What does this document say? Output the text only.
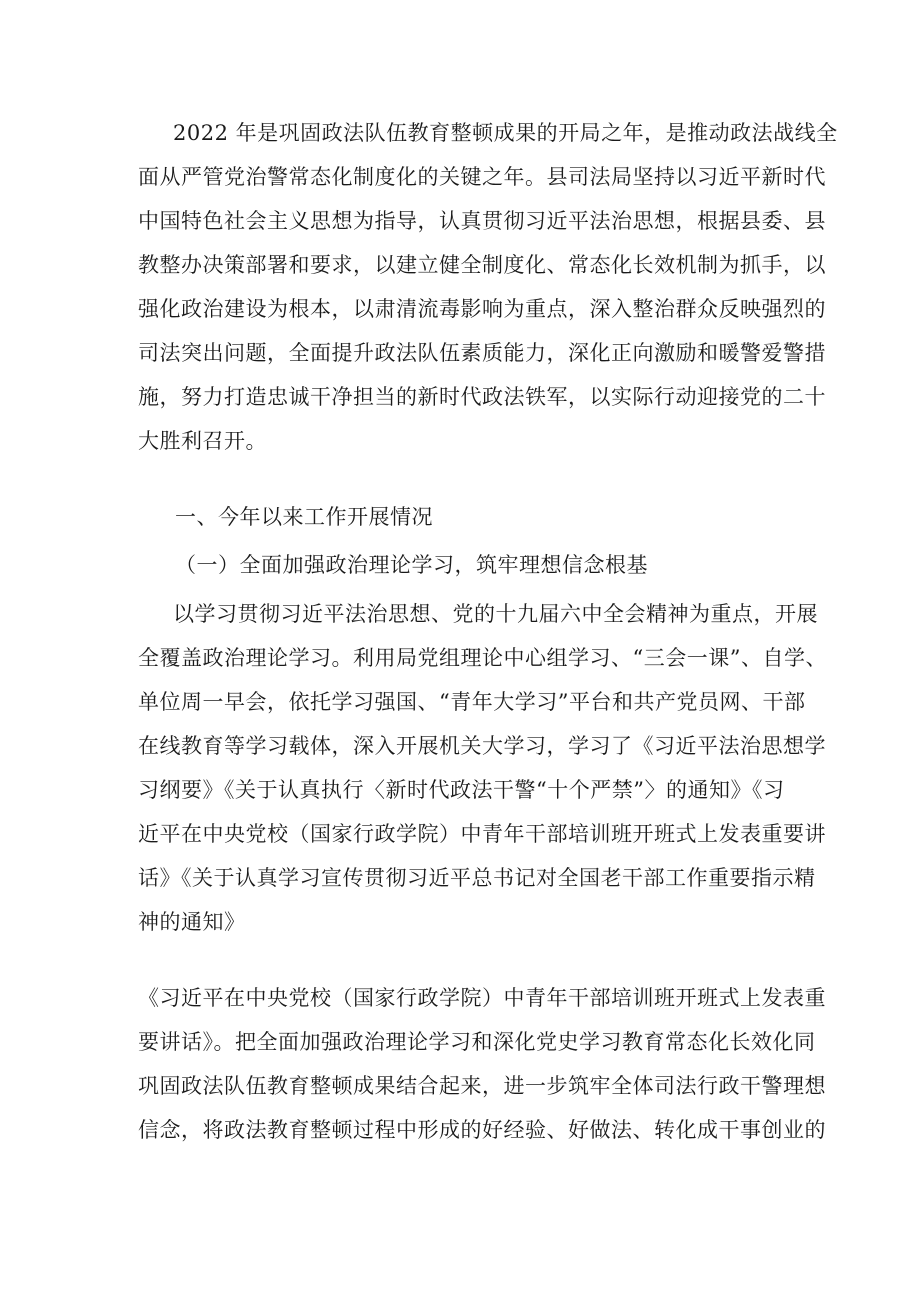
2022 年是巩固政法队伍教育整顿成果的开局之年，是推动政法战线全
面从严管党治警常态化制度化的关键之年。县司法局坚持以习近平新时代
中国特色社会主义思想为指导，认真贯彻习近平法治思想，根据县委、县
教整办决策部署和要求，以建立健全制度化、常态化长效机制为抓手，以
强化政治建设为根本，以肃清流毒影响为重点，深入整治群众反映强烈的
司法突出问题，全面提升政法队伍素质能力，深化正向激励和暖警爱警措
施，努力打造忠诚干净担当的新时代政法铁军，以实际行动迎接党的二十
大胜利召开。
一、今年以来工作开展情况
（一）全面加强政治理论学习，筑牢理想信念根基
以学习贯彻习近平法治思想、党的十九届六中全会精神为重点，开展
全覆盖政治理论学习。利用局党组理论中心组学习、“三会一课”、自学、
单位周一早会，依托学习强国、“青年大学习”平台和共产党员网、干部
在线教育等学习载体，深入开展机关大学习，学习了《习近平法治思想学
习纲要》《关于认真执行〈新时代政法干警“十个严禁”〉的通知》《习
近平在中央党校（国家行政学院）中青年干部培训班开班式上发表重要讲
话》《关于认真学习宣传贯彻习近平总书记对全国老干部工作重要指示精
神的通知》
《习近平在中央党校（国家行政学院）中青年干部培训班开班式上发表重
要讲话》。把全面加强政治理论学习和深化党史学习教育常态化长效化同
巩固政法队伍教育整顿成果结合起来，进一步筑牢全体司法行政干警理想
信念，将政法教育整顿过程中形成的好经验、好做法、转化成干事创业的
